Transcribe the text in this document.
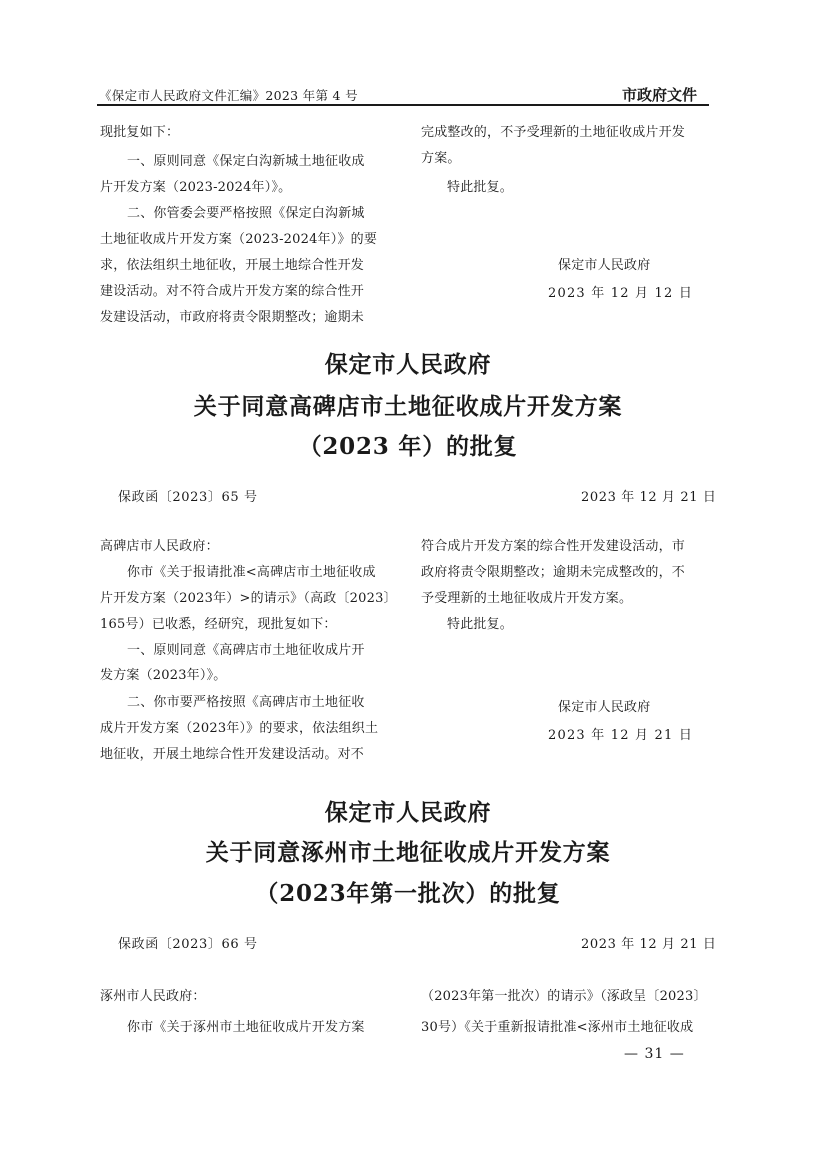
《保定市人民政府文件汇编》2023 年第 4 号	市政府文件
现批复如下：
一、原则同意《保定白沟新城土地征收成
片开发方案（2023-2024年）》。
二、你管委会要严格按照《保定白沟新城
土地征收成片开发方案（2023-2024年）》的要
求，依法组织土地征收，开展土地综合性开发
建设活动。对不符合成片开发方案的综合性开
发建设活动，市政府将责令限期整改；逾期未
完成整改的，不予受理新的土地征收成片开发
方案。
特此批复。
保定市人民政府
2023 年 12 月 12 日
保定市人民政府
关于同意高碑店市土地征收成片开发方案
（2023 年）的批复
保政函〔2023〕65 号	2023 年 12 月 21 日
高碑店市人民政府：
你市《关于报请批准<高碑店市土地征收成
片开发方案（2023年）>的请示》（高政〔2023〕
165号）已收悉，经研究，现批复如下：
一、原则同意《高碑店市土地征收成片开
发方案（2023年）》。
二、你市要严格按照《高碑店市土地征收
成片开发方案（2023年）》的要求，依法组织土
地征收，开展土地综合性开发建设活动。对不
符合成片开发方案的综合性开发建设活动，市
政府将责令限期整改；逾期未完成整改的，不
予受理新的土地征收成片开发方案。
特此批复。
保定市人民政府
2023 年 12 月 21 日
保定市人民政府
关于同意涿州市土地征收成片开发方案
（2023年第一批次）的批复
保政函〔2023〕66 号	2023 年 12 月 21 日
涿州市人民政府：
你市《关于涿州市土地征收成片开发方案
（2023年第一批次）的请示》（涿政呈〔2023〕
30号）《关于重新报请批准<涿州市土地征收成
— 31 —
